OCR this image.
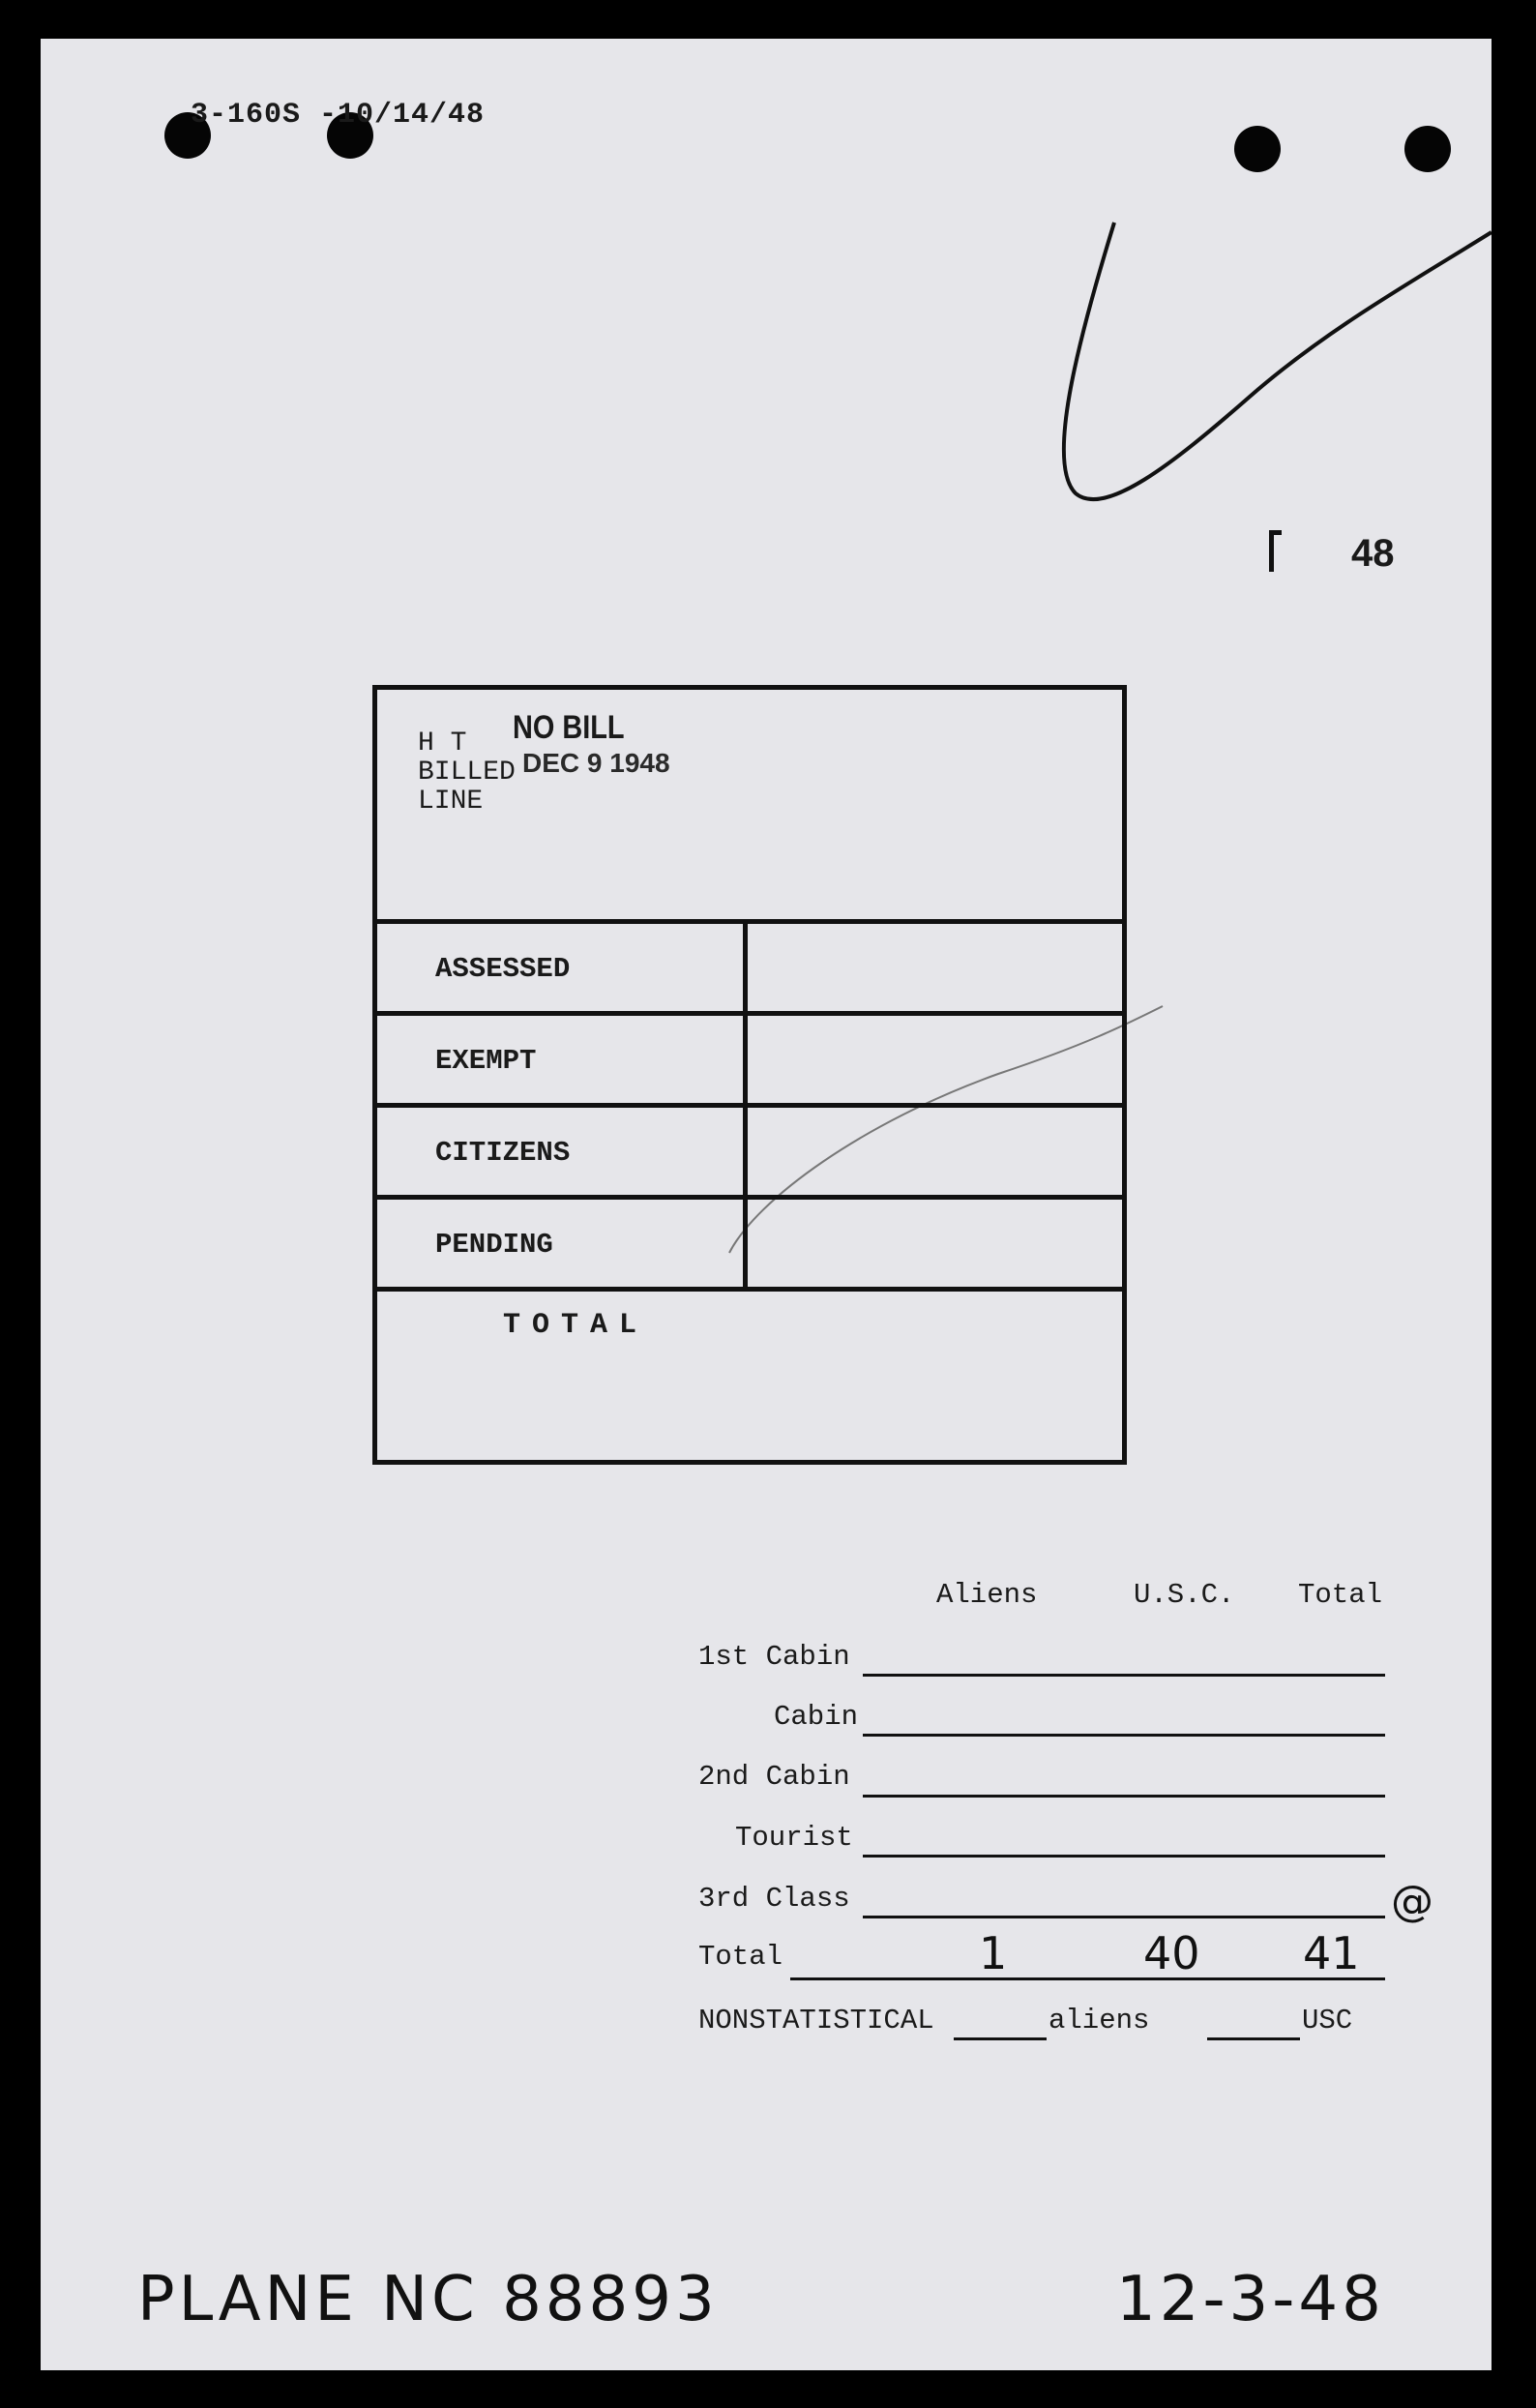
3-160S -10/14/48
48
NO BILL
H T
BILLED DEC 9 1948
LINE
ASSESSED
EXEMPT
CITIZENS
PENDING
TOTAL
Aliens	U.S.C. Total
1st Cabin
Cabin
2nd Cabin
Tourist
3rd Class	@
Total	1	40 41
NONSTATISTICAL	aliens	USC
PLANE NC 88893	12-3-48
